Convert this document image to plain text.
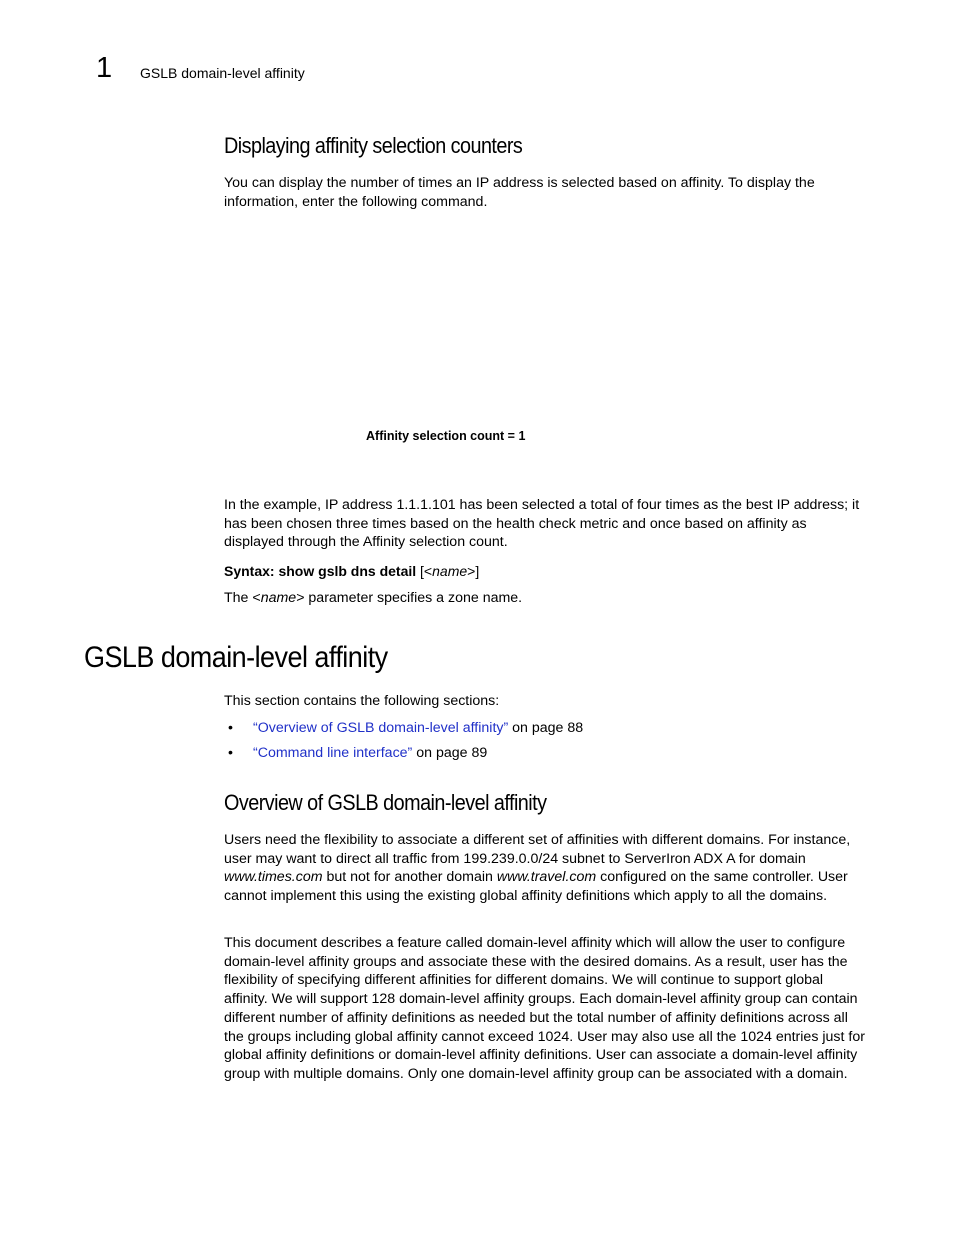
1 GSLB domain-level affinity
Displaying affinity selection counters

You can display the number of times an IP address is selected based on affinity. To display the information, enter the following command.

Affinity selection count = 1

In the example, IP address 1.1.1.101 has been selected a total of four times as the best IP address; it has been chosen three times based on the health check metric and once based on affinity as displayed through the Affinity selection count.

Syntax: show gslb dns detail [<name>]

The <name> parameter specifies a zone name.

GSLB domain-level affinity

This section contains the following sections:

• “Overview of GSLB domain-level affinity” on page 88
• “Command line interface” on page 89
Overview of GSLB domain-level affinity

Users need the flexibility to associate a different set of affinities with different domains. For instance, user may want to direct all traffic from 199.239.0.0/24 subnet to ServerIron ADX A for domain www.times.com but not for another domain www.travel.com configured on the same controller. User cannot implement this using the existing global affinity definitions which apply to all the domains.

This document describes a feature called domain-level affinity which will allow the user to configure domain-level affinity groups and associate these with the desired domains. As a result, user has the flexibility of specifying different affinities for different domains. We will continue to support global affinity. We will support 128 domain-level affinity groups. Each domain-level affinity group can contain different number of affinity definitions as needed but the total number of affinity definitions across all the groups including global affinity cannot exceed 1024. User may also use all the 1024 entries just for global affinity definitions or domain-level affinity definitions. User can associate a domain-level affinity group with multiple domains. Only one domain-level affinity group can be associated with a domain.
